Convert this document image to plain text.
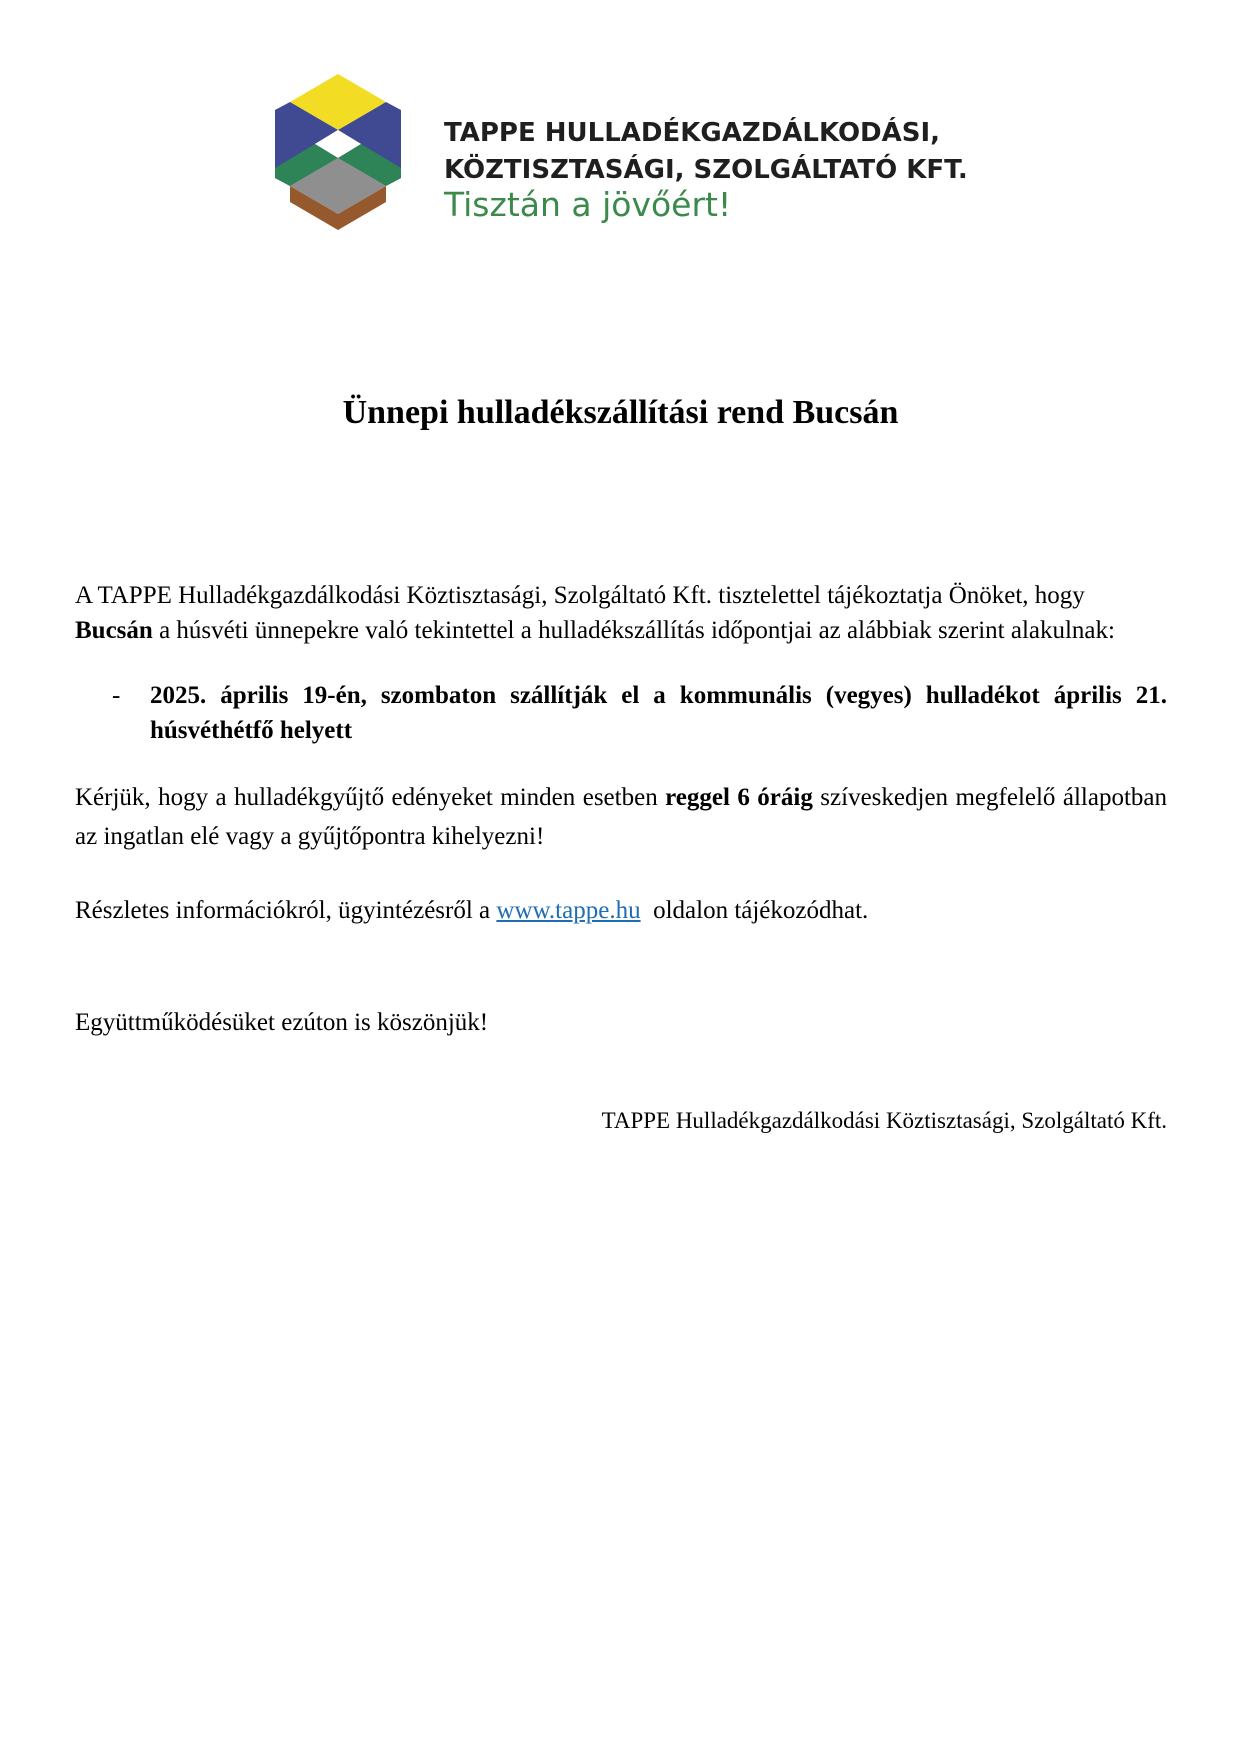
TAPPE HULLADÉKGAZDÁLKODÁSI,
KÖZTISZTASÁGI, SZOLGÁLTATÓ KFT.

Tisztán a jövőért!

Ünnepi hulladékszállítási rend Bucsán

A TAPPE Hulladékgazdálkodási Köztisztasági, Szolgáltató Kft. tisztelettel tájékoztatja Önöket, hogy Bucsán a húsvéti ünnepekre való tekintettel a hulladékszállítás időpontjai az alábbiak szerint alakulnak:

- 2025. április 19-én, szombaton szállítják el a kommunális (vegyes) hulladékot április 21. húsvéthétfő helyett

Kérjük, hogy a hulladékgyűjtő edényeket minden esetben reggel 6 óráig szíveskedjen megfelelő állapotban az ingatlan elé vagy a gyűjtőpontra kihelyezni!

Részletes információkról, ügyintézésről a www.tappe.hu  oldalon tájékozódhat.

Együttműködésüket ezúton is köszönjük!

TAPPE Hulladékgazdálkodási Köztisztasági, Szolgáltató Kft.
